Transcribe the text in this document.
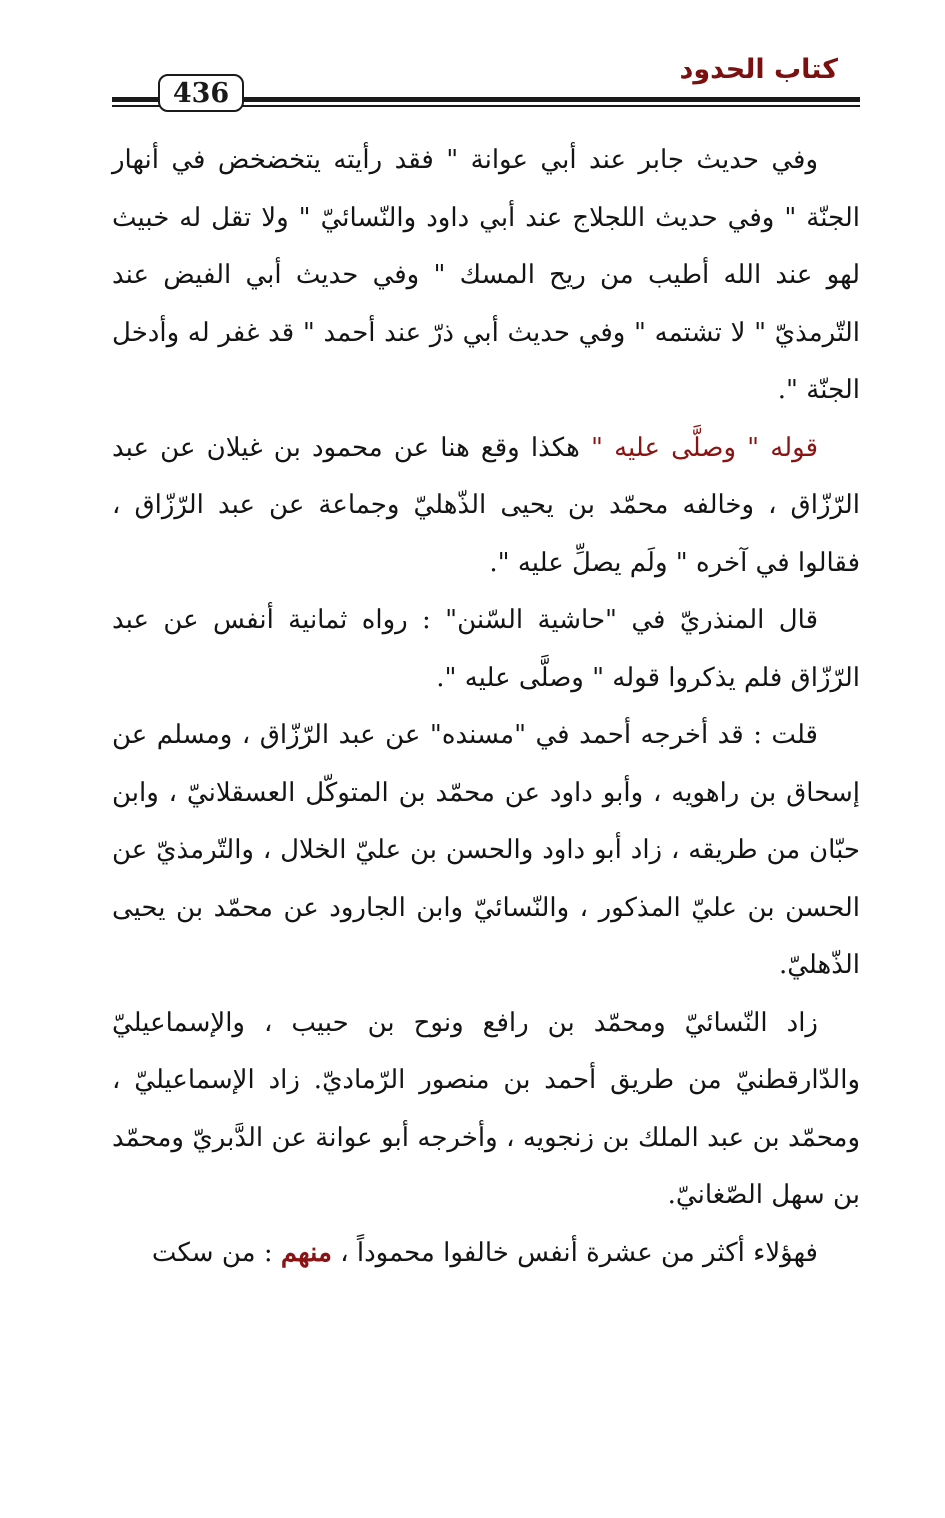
كتاب الحدود
436

وفي حديث جابر عند أبي عوانة " فقد رأيته يتخضخض في أنهار الجنّة " وفي حديث اللجلاج عند أبي داود والنّسائيّ " ولا تقل له خبيث لهو عند الله أطيب من ريح المسك " وفي حديث أبي الفيض عند التّرمذيّ " لا تشتمه " وفي حديث أبي ذرّ عند أحمد " قد غفر له وأدخل الجنّة ".

قوله " وصلَّى عليه " هكذا وقع هنا عن محمود بن غيلان عن عبد الرّزّاق ، وخالفه محمّد بن يحيى الذّهليّ وجماعة عن عبد الرّزّاق ، فقالوا في آخره " ولَم يصلِّ عليه ".

قال المنذريّ في "حاشية السّنن" : رواه ثمانية أنفس عن عبد الرّزّاق فلم يذكروا قوله " وصلَّى عليه ".

قلت : قد أخرجه أحمد في "مسنده" عن عبد الرّزّاق ، ومسلم عن إسحاق بن راهويه ، وأبو داود عن محمّد بن المتوكّل العسقلانيّ ، وابن حبّان من طريقه ، زاد أبو داود والحسن بن عليّ الخلال ، والتّرمذيّ عن الحسن بن عليّ المذكور ، والنّسائيّ وابن الجارود عن محمّد بن يحيى الذّهليّ.

زاد النّسائيّ ومحمّد بن رافع ونوح بن حبيب ، والإسماعيليّ والدّارقطنيّ من طريق أحمد بن منصور الرّماديّ. زاد الإسماعيليّ ، ومحمّد بن عبد الملك بن زنجويه ، وأخرجه أبو عوانة عن الدَّبريّ ومحمّد بن سهل الصّغانيّ.

فهؤلاء أكثر من عشرة أنفس خالفوا محموداً ، منهم : من سكت
